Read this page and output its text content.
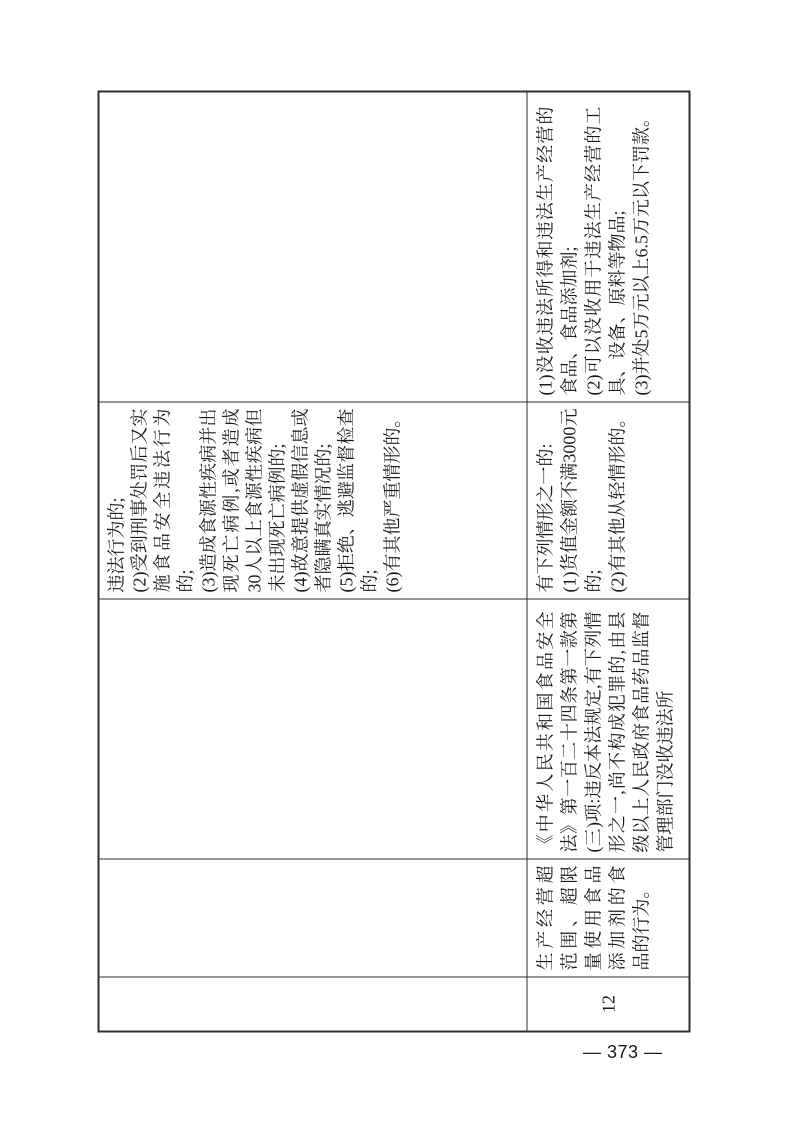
违法行为的; (2)受到刑事处罚后又实施食品安全违法行为的; (3)造成食源性疾病并出现死亡病例,或者造成30人以上食源性疾病但未出现死亡病例的; (4)故意提供虚假信息或者隐瞒真实情况的; (5)拒绝、逃避监督检查的; (6)有其他严重情形的。

12

生产经营超范围、超限量使用食品添加剂的食品的行为。

《中华人民共和国食品安全法》第一百二十四条第一款第(三)项:违反本法规定,有下列情形之一,尚不构成犯罪的,由县级以上人民政府食品药品监督管理部门没收违法所

有下列情形之一的: (1)货值金额不满3000元的; (2)有其他从轻情形的。

(1)没收违法所得和违法生产经营的食品、食品添加剂; (2)可以没收用于违法生产经营的工具、设备、原料等物品; (3)并处5万元以上6.5万元以下罚款。

— 373 —
